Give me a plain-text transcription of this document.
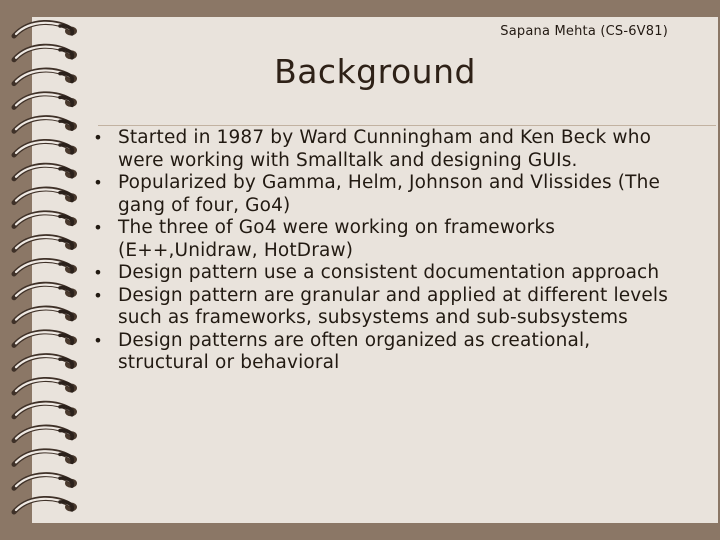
Sapana Mehta (CS-6V81)
Background
• Started in 1987 by Ward Cunningham and Ken Beck who were working with Smalltalk and designing GUIs.
• Popularized by Gamma, Helm, Johnson and Vlissides (The gang of four, Go4)
• The three of Go4 were working on frameworks (E++,Unidraw, HotDraw)
• Design pattern use a consistent documentation approach
• Design pattern are granular and applied at different levels such as frameworks, subsystems and sub-subsystems
• Design patterns are often organized as creational, structural or behavioral
